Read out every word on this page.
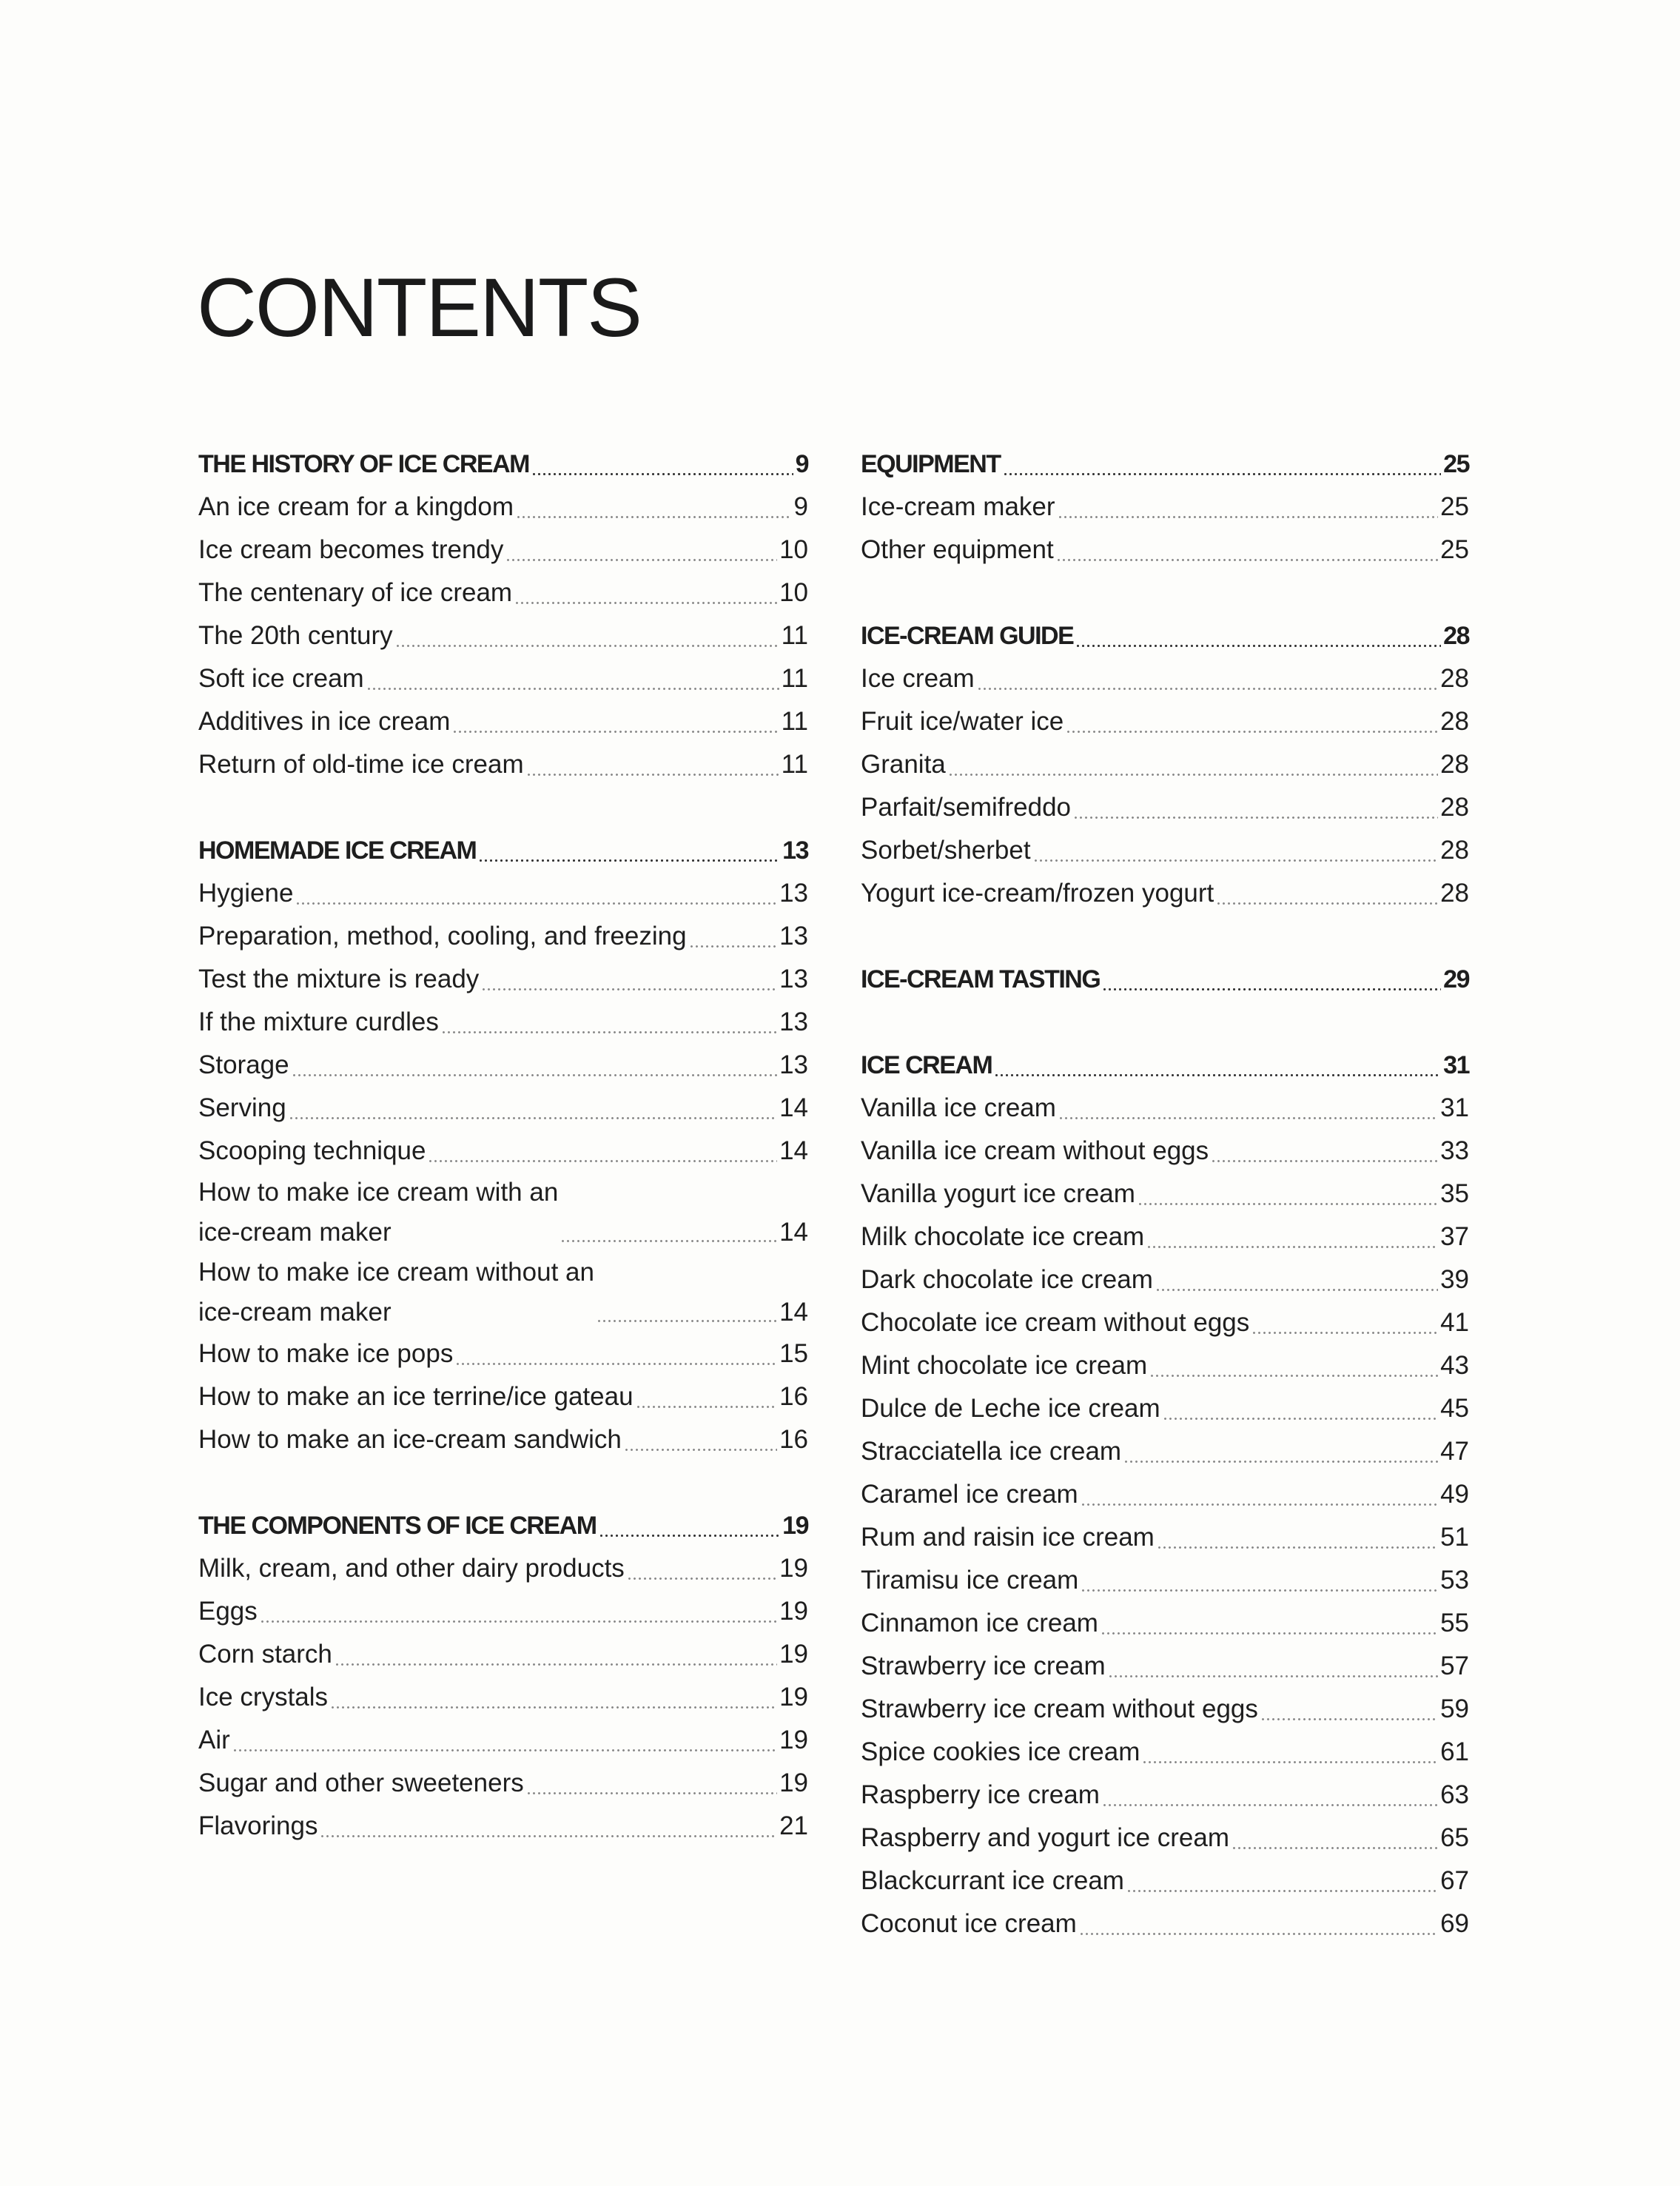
CONTENTS
THE HISTORY OF ICE CREAM	9
An ice cream for a kingdom	9
Ice cream becomes trendy	10
The centenary of ice cream	10
The 20th century	11
Soft ice cream	11
Additives in ice cream	11
Return of old-time ice cream	11
HOMEMADE ICE CREAM	13
Hygiene	13
Preparation, method, cooling, and freezing	13
Test the mixture is ready	13
If the mixture curdles	13
Storage	13
Serving	14
Scooping technique	14
How to make ice cream with an
ice-cream maker	14
How to make ice cream without an
ice-cream maker	14
How to make ice pops	15
How to make an ice terrine/ice gateau	16
How to make an ice-cream sandwich	16
THE COMPONENTS OF ICE CREAM	19
Milk, cream, and other dairy products	19
Eggs	19
Corn starch	19
Ice crystals	19
Air	19
Sugar and other sweeteners	19
Flavorings	21
EQUIPMENT	25
Ice-cream maker	25
Other equipment	25
ICE-CREAM GUIDE	28
Ice cream	28
Fruit ice/water ice	28
Granita	28
Parfait/semifreddo	28
Sorbet/sherbet	28
Yogurt ice-cream/frozen yogurt	28
ICE-CREAM TASTING	29
ICE CREAM	31
Vanilla ice cream	31
Vanilla ice cream without eggs	33
Vanilla yogurt ice cream	35
Milk chocolate ice cream	37
Dark chocolate ice cream	39
Chocolate ice cream without eggs	41
Mint chocolate ice cream	43
Dulce de Leche ice cream	45
Stracciatella ice cream	47
Caramel ice cream	49
Rum and raisin ice cream	51
Tiramisu ice cream	53
Cinnamon ice cream	55
Strawberry ice cream	57
Strawberry ice cream without eggs	59
Spice cookies ice cream	61
Raspberry ice cream	63
Raspberry and yogurt ice cream	65
Blackcurrant ice cream	67
Coconut ice cream	69
